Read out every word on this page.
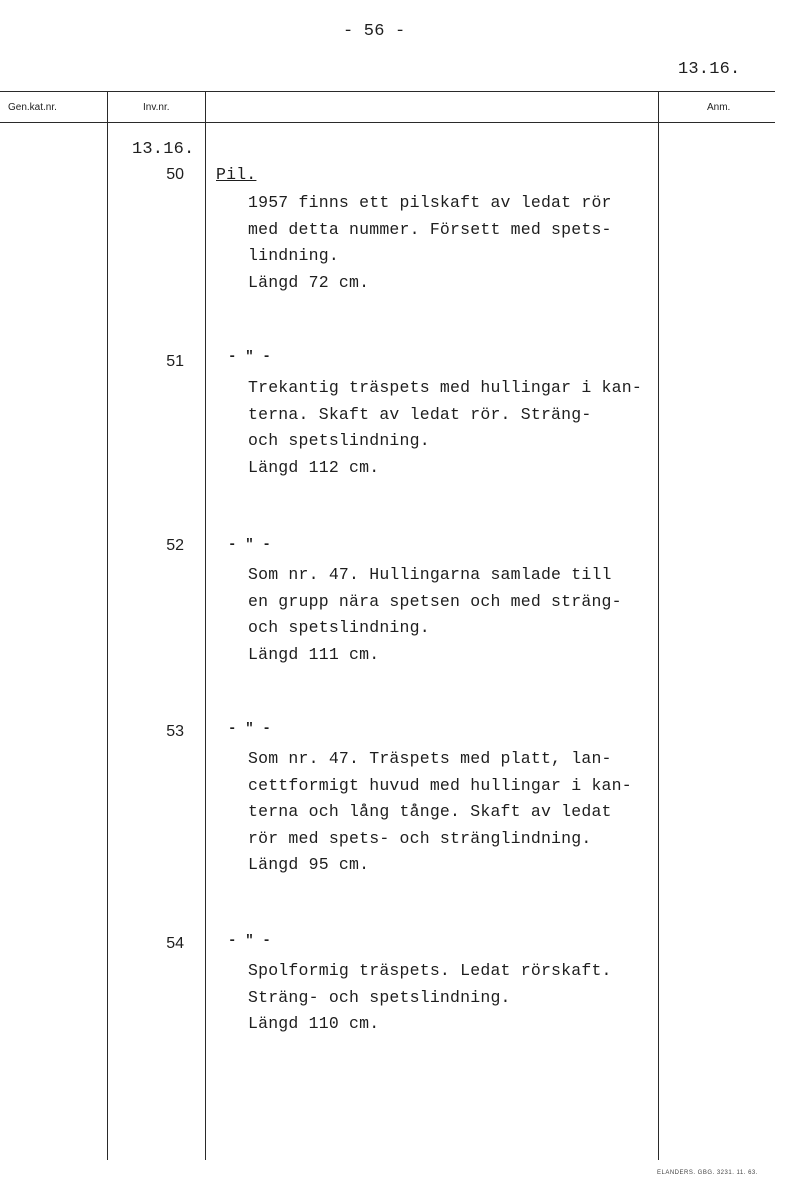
- 56 -
13.16.
Gen.kat.nr.	Inv.nr.	Anm.
13.16.
50 Pil.
1957 finns ett pilskaft av ledat rör
med detta nummer. Försett med spets-
lindning.
Längd 72 cm.
51	- " -
Trekantig träspets med hullingar i kan-
terna. Skaft av ledat rör. Sträng-
och spetslindning.
Längd 112 cm.
52	- " -
Som nr. 47. Hullingarna samlade till
en grupp nära spetsen och med sträng-
och spetslindning.
Längd 111 cm.
53	- " -
Som nr. 47. Träspets med platt, lan-
cettformigt huvud med hullingar i kan-
terna och lång tånge. Skaft av ledat
rör med spets- och stränglindning.
Längd 95 cm.
54	- " -
Spolformig träspets. Ledat rörskaft.
Sträng- och spetslindning.
Längd 110 cm.
ELANDERS. GBG. 3231. 11. 63.
